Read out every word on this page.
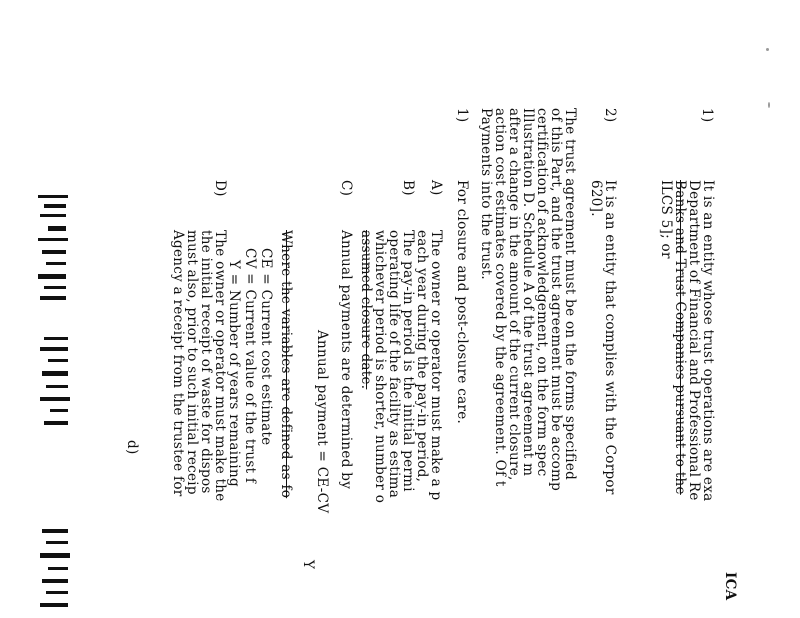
ICA
1)
It is an entity whose trust operations are exa
Department of Financial and Professional Re
Banks and Trust Companies pursuant to the
ILCS 5]; or
2)
It is an entity that complies with the Corpor
620].
The trust agreement must be on the forms specified
of this Part, and the trust agreement must be accomp
certification of acknowledgement, on the form spec
Illustration D. Schedule A of the trust agreement m
after a change in the amount of the current closure,
action cost estimates covered by the agreement. Of t
Payments into the trust.
1)
For closure and post-closure care.
A)
The owner or operator must make a p
each year during the pay-in period,
B)
The pay-in period is the initial permi
operating life of the facility as estima
whichever period is shorter, number o
assumed closure date.
C)
Annual payments are determined by
Annual payment = CE-CV
Y
Where the variables are defined as fo
CE = Current cost estimate
CV = Current value of the trust f
Y = Number of years remaining
D)
The owner or operator must make the
the initial receipt of waste for dispos
must also, prior to such initial receip
Agency a receipt from the trustee for
d)
